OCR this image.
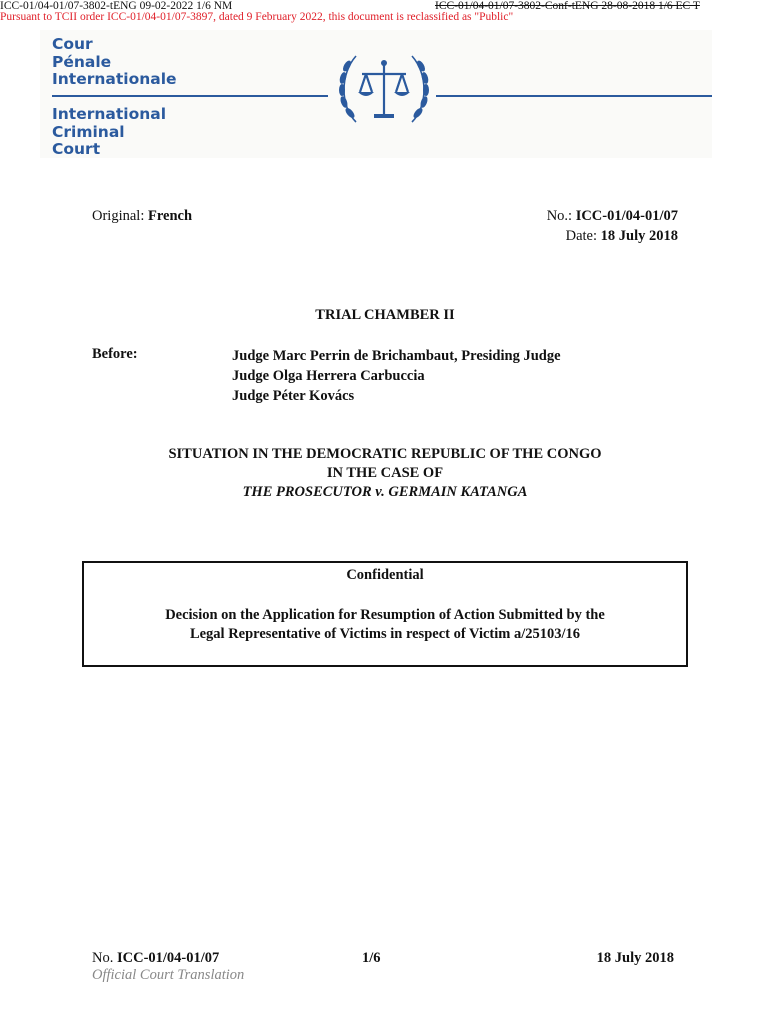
ICC-01/04-01/07-3802-tENG 09-02-2022 1/6 NM	ICC-01/04-01/07-3802-Conf-tENG 28-08-2018 1/6 EC T
Pursuant to TCII order ICC-01/04-01/07-3897, dated 9 February 2022, this document is reclassified as "Public"
Cour
Pénale
Internationale
International
Criminal
Court
Original: French	No.: ICC-01/04-01/07
Date: 18 July 2018
TRIAL CHAMBER II
Before:	Judge Marc Perrin de Brichambaut, Presiding Judge
Judge Olga Herrera Carbuccia
Judge Péter Kovács
SITUATION IN THE DEMOCRATIC REPUBLIC OF THE CONGO
IN THE CASE OF
THE PROSECUTOR v. GERMAIN KATANGA
Confidential
Decision on the Application for Resumption of Action Submitted by the
Legal Representative of Victims in respect of Victim a/25103/16
No. ICC-01/04-01/07	1/6	18 July 2018
Official Court Translation
